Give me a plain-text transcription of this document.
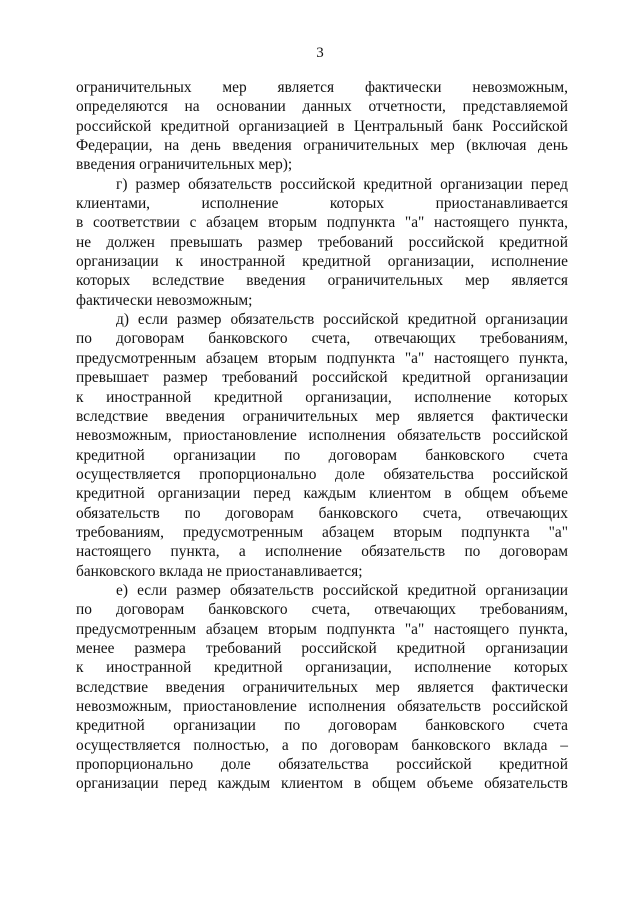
3
ограничительных мер является фактически невозможным,
определяются на основании данных отчетности, представляемой
российской кредитной организацией в Центральный банк Российской
Федерации, на день введения ограничительных мер (включая день
введения ограничительных мер);
г) размер обязательств российской кредитной организации перед
клиентами,	исполнение	которых	приостанавливается
в соответствии с абзацем вторым подпункта "а" настоящего пункта,
не должен превышать размер требований российской кредитной
организации к иностранной кредитной организации, исполнение
которых вследствие введения ограничительных мер является
фактически невозможным;
д) если размер обязательств российской кредитной организации
по договорам банковского счета, отвечающих требованиям,
предусмотренным абзацем вторым подпункта "а" настоящего пункта,
превышает размер требований российской кредитной организации
к иностранной кредитной организации, исполнение которых
вследствие введения ограничительных мер является фактически
невозможным, приостановление исполнения обязательств российской
кредитной организации по договорам банковского счета
осуществляется пропорционально доле обязательства российской
кредитной организации перед каждым клиентом в общем объеме
обязательств по договорам банковского счета, отвечающих
требованиям, предусмотренным абзацем вторым подпункта "а"
настоящего пункта, а исполнение обязательств по договорам
банковского вклада не приостанавливается;
е) если размер обязательств российской кредитной организации
по договорам банковского счета, отвечающих требованиям,
предусмотренным абзацем вторым подпункта "а" настоящего пункта,
менее размера требований российской кредитной организации
к иностранной кредитной организации, исполнение которых
вследствие введения ограничительных мер является фактически
невозможным, приостановление исполнения обязательств российской
кредитной организации по договорам банковского счета
осуществляется полностью, а по договорам банковского вклада –
пропорционально доле обязательства российской кредитной
организации перед каждым клиентом в общем объеме обязательств
